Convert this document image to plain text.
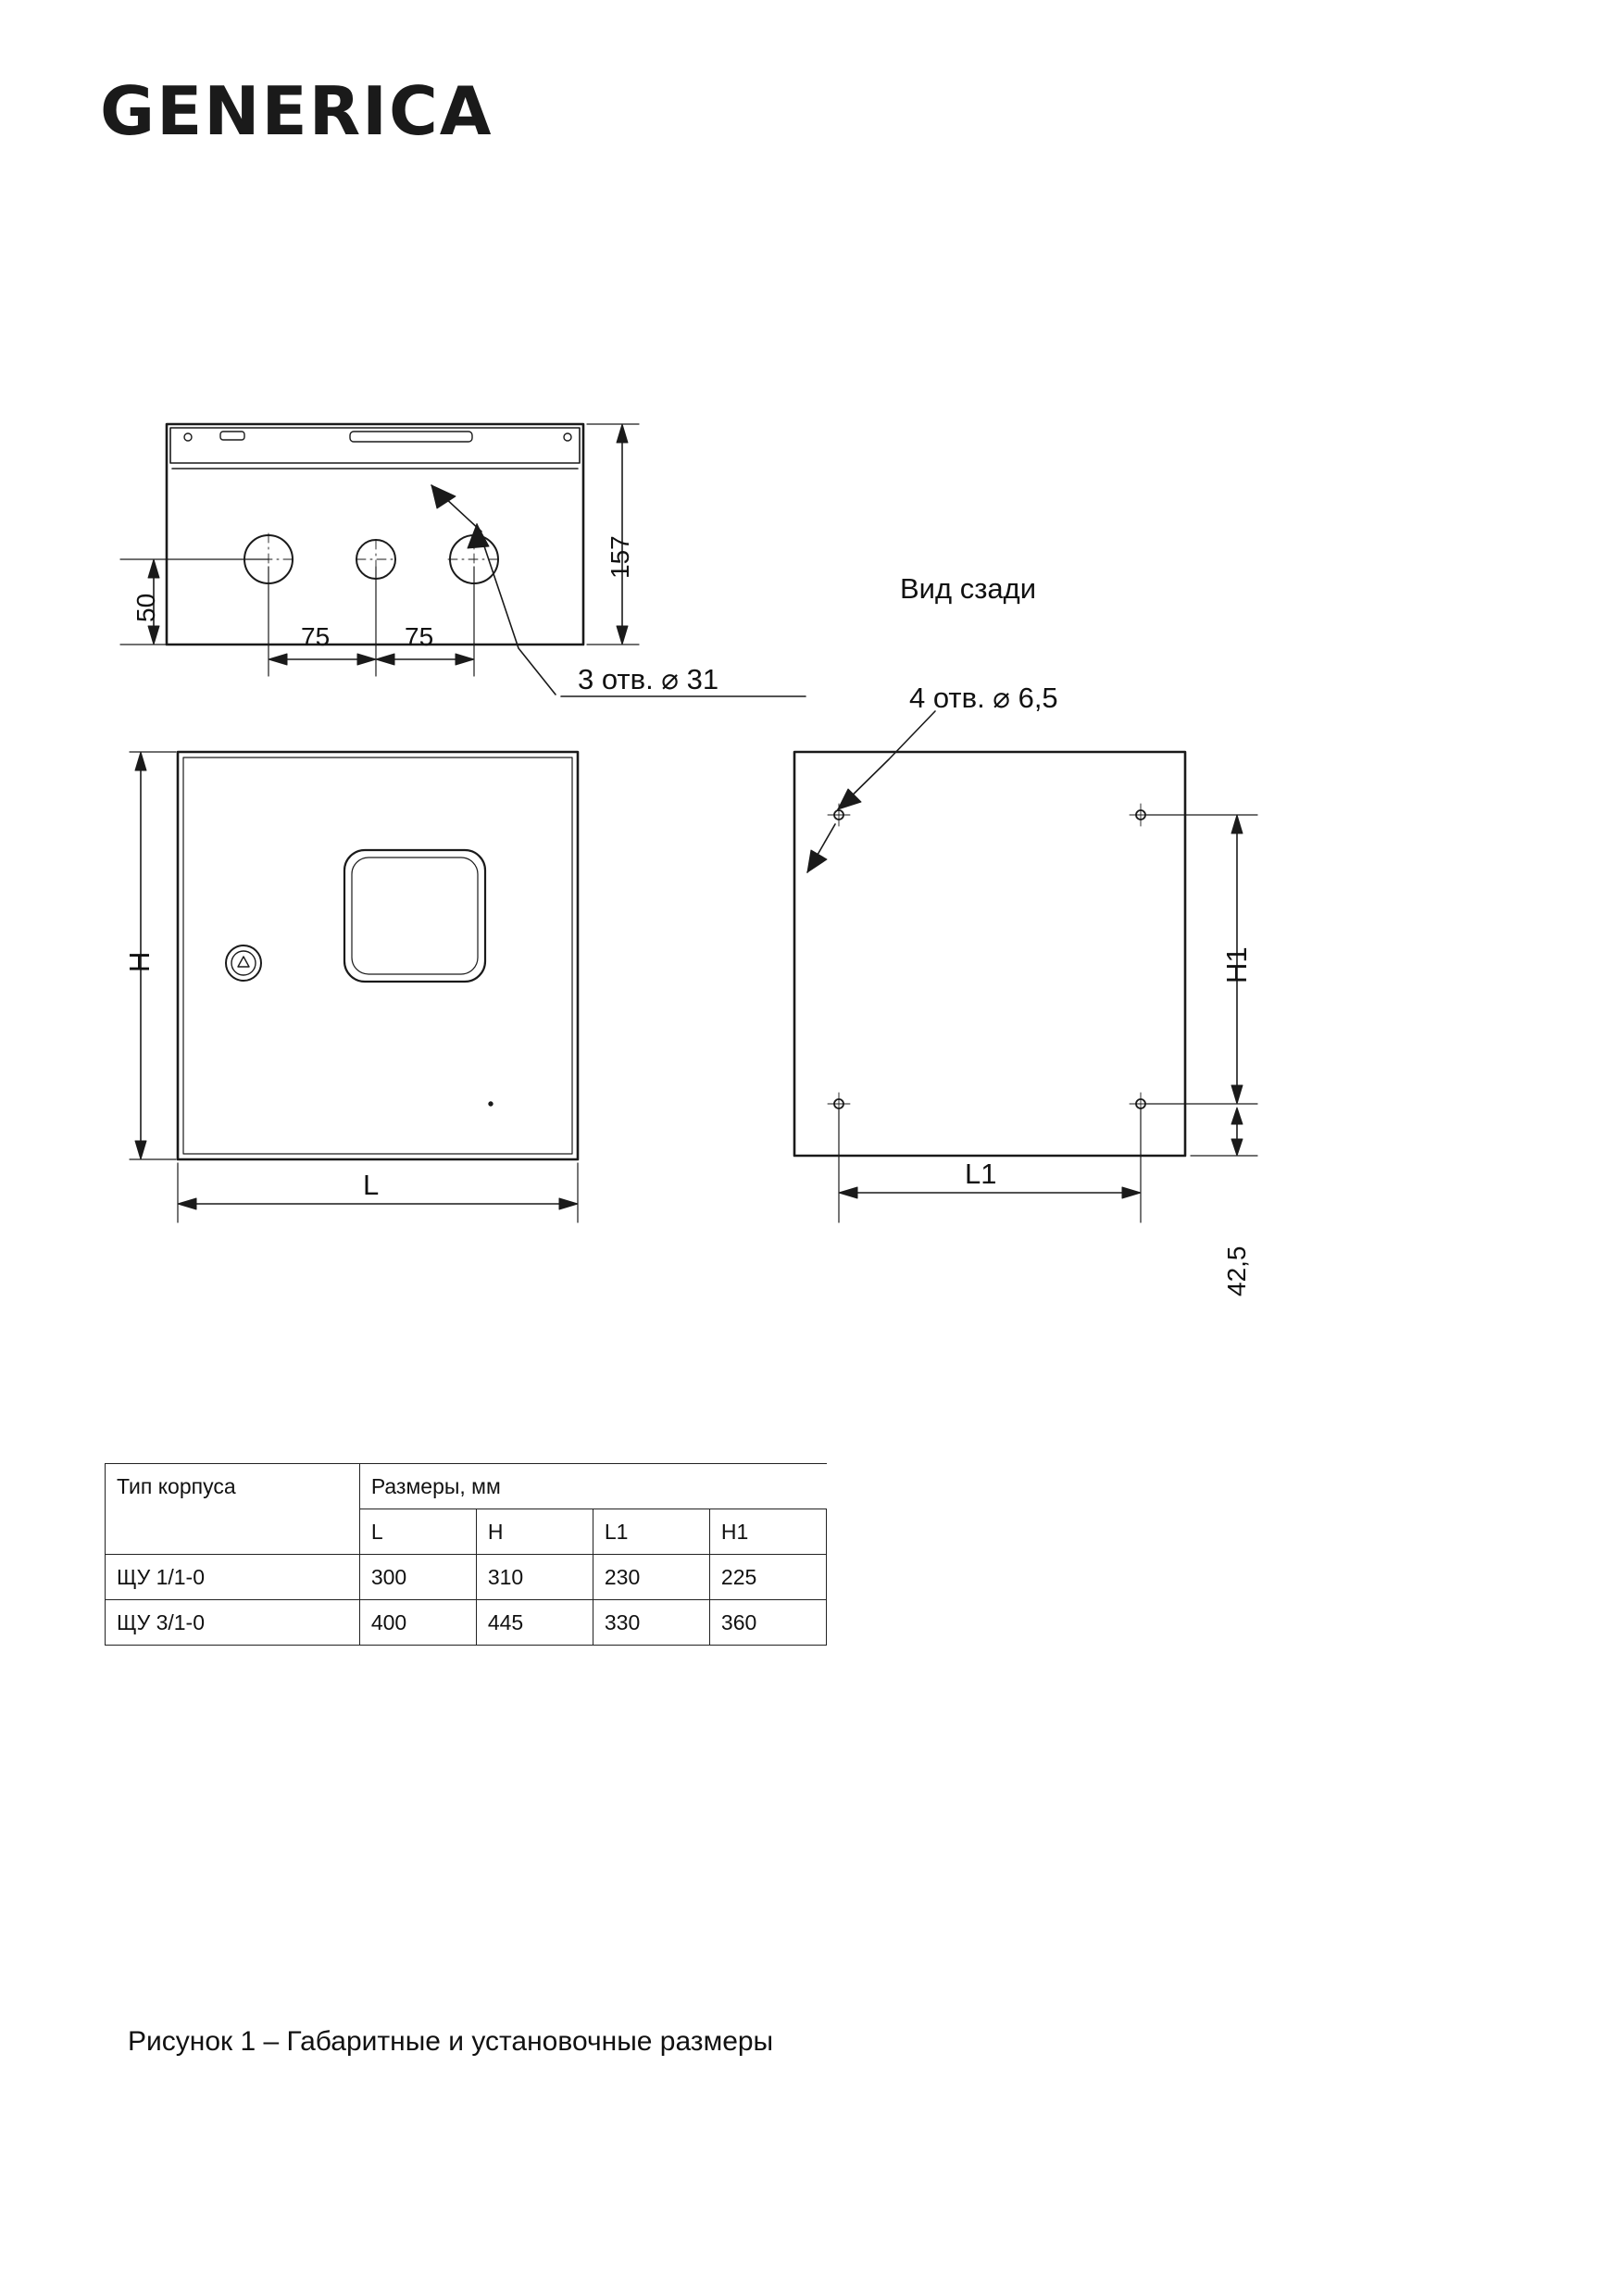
GENERICA
50
157
75	75
3 отв. ⌀ 31
4 отв. ⌀ 6,5
Вид сзади
H
L
H1
L1
42,5
Тип корпуса	Размеры, мм			
	L	H	L1	H1
ЩУ 1/1-0	300	310	230	225
ЩУ 3/1-0	400	445	330	360
Рисунок 1 – Габаритные и установочные размеры
